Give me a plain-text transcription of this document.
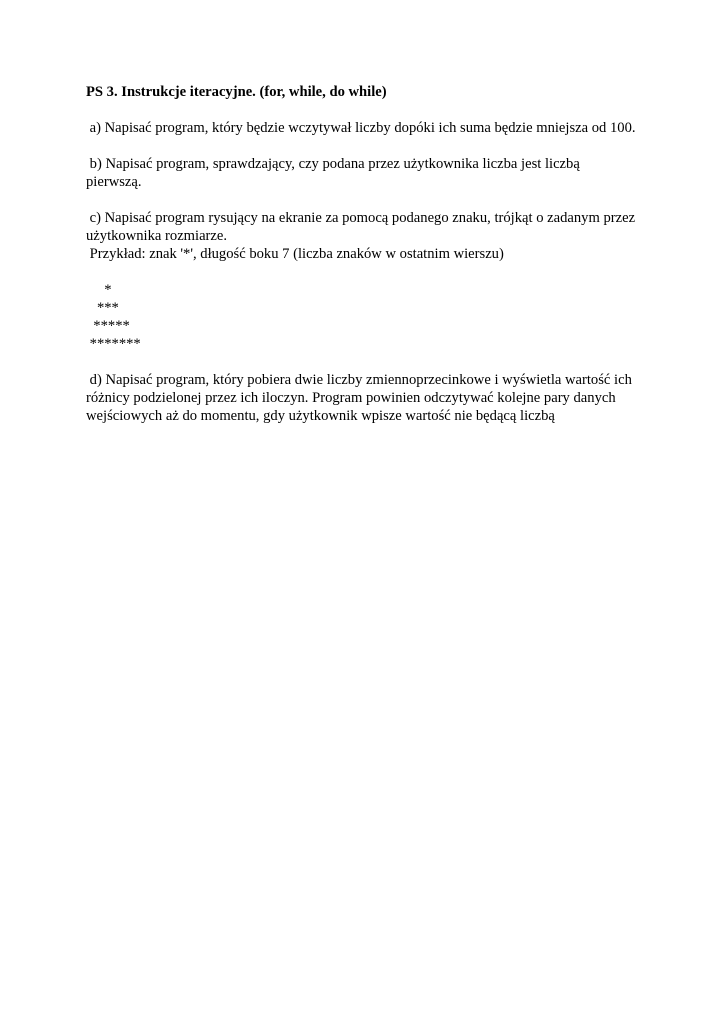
PS 3. Instrukcje iteracyjne. (for, while, do while)

a) Napisać program, który będzie wczytywał liczby dopóki ich suma będzie mniejsza od 100.

b) Napisać program, sprawdzający, czy podana przez użytkownika liczba jest liczbą

pierwszą.

c) Napisać program rysujący na ekranie za pomocą podanego znaku, trójkąt o zadanym przez

użytkownika rozmiarze.

Przykład: znak '*', długość boku 7 (liczba znaków w ostatnim wierszu)

*
***
*****
*******

d) Napisać program, który pobiera dwie liczby zmiennoprzecinkowe i wyświetla wartość ich

różnicy podzielonej przez ich iloczyn. Program powinien odczytywać kolejne pary danych

wejściowych aż do momentu, gdy użytkownik wpisze wartość nie będącą liczbą
